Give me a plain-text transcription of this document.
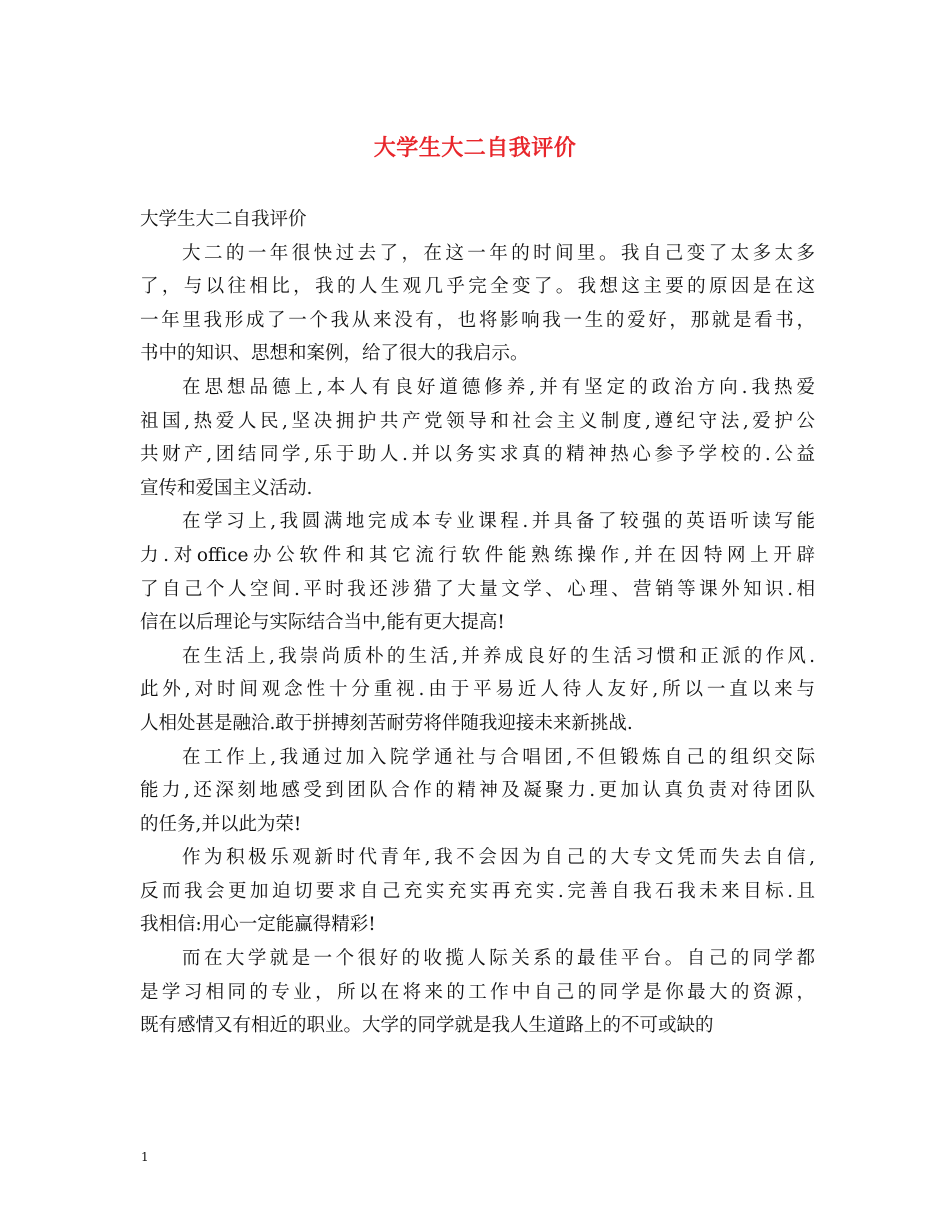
大学生大二自我评价

大学生大二自我评价

大二的一年很快过去了，在这一年的时间里。我自己变了太多太多
了，与以往相比，我的人生观几乎完全变了。我想这主要的原因是在这
一年里我形成了一个我从来没有，也将影响我一生的爱好，那就是看书，
书中的知识、思想和案例，给了很大的我启示。

在思想品德上,本人有良好道德修养,并有坚定的政治方向.我热爱
祖国,热爱人民,坚决拥护共产党领导和社会主义制度,遵纪守法,爱护公
共财产,团结同学,乐于助人.并以务实求真的精神热心参予学校的.公益
宣传和爱国主义活动.

在学习上,我圆满地完成本专业课程.并具备了较强的英语听读写能
力.对office办公软件和其它流行软件能熟练操作,并在因特网上开辟
了自己个人空间.平时我还涉猎了大量文学、心理、营销等课外知识.相
信在以后理论与实际结合当中,能有更大提高!

在生活上,我崇尚质朴的生活,并养成良好的生活习惯和正派的作风.
此外,对时间观念性十分重视.由于平易近人待人友好,所以一直以来与
人相处甚是融洽.敢于拼搏刻苦耐劳将伴随我迎接未来新挑战.

在工作上,我通过加入院学通社与合唱团,不但锻炼自己的组织交际
能力,还深刻地感受到团队合作的精神及凝聚力.更加认真负责对待团队
的任务,并以此为荣!

作为积极乐观新时代青年,我不会因为自己的大专文凭而失去自信,
反而我会更加迫切要求自己充实充实再充实.完善自我石我未来目标.且
我相信:用心一定能赢得精彩!

而在大学就是一个很好的收揽人际关系的最佳平台。自己的同学都
是学习相同的专业，所以在将来的工作中自己的同学是你最大的资源，
既有感情又有相近的职业。大学的同学就是我人生道路上的不可或缺的

1
